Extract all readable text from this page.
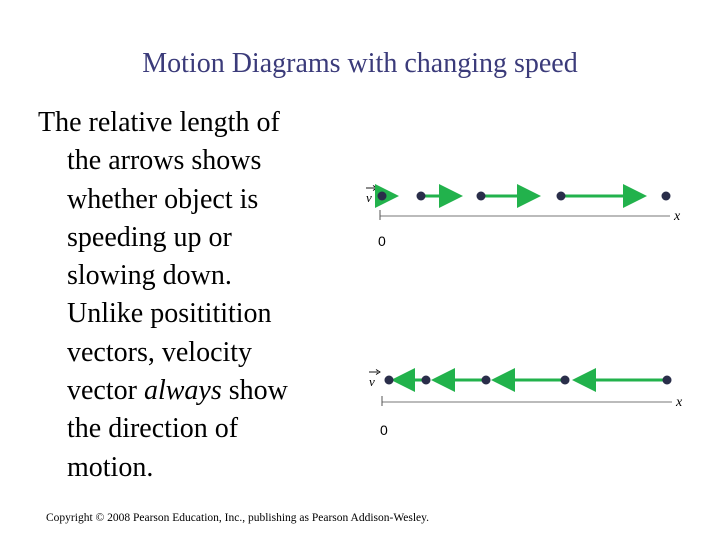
Motion Diagrams with changing speed
The relative length of
the arrows shows
whether object is
speeding up or
slowing down.
Unlike posititition
vectors, velocity
vector always show
the direction of
motion.
v
x
0
v
x
0
Copyright © 2008 Pearson Education, Inc., publishing as Pearson Addison-Wesley.
